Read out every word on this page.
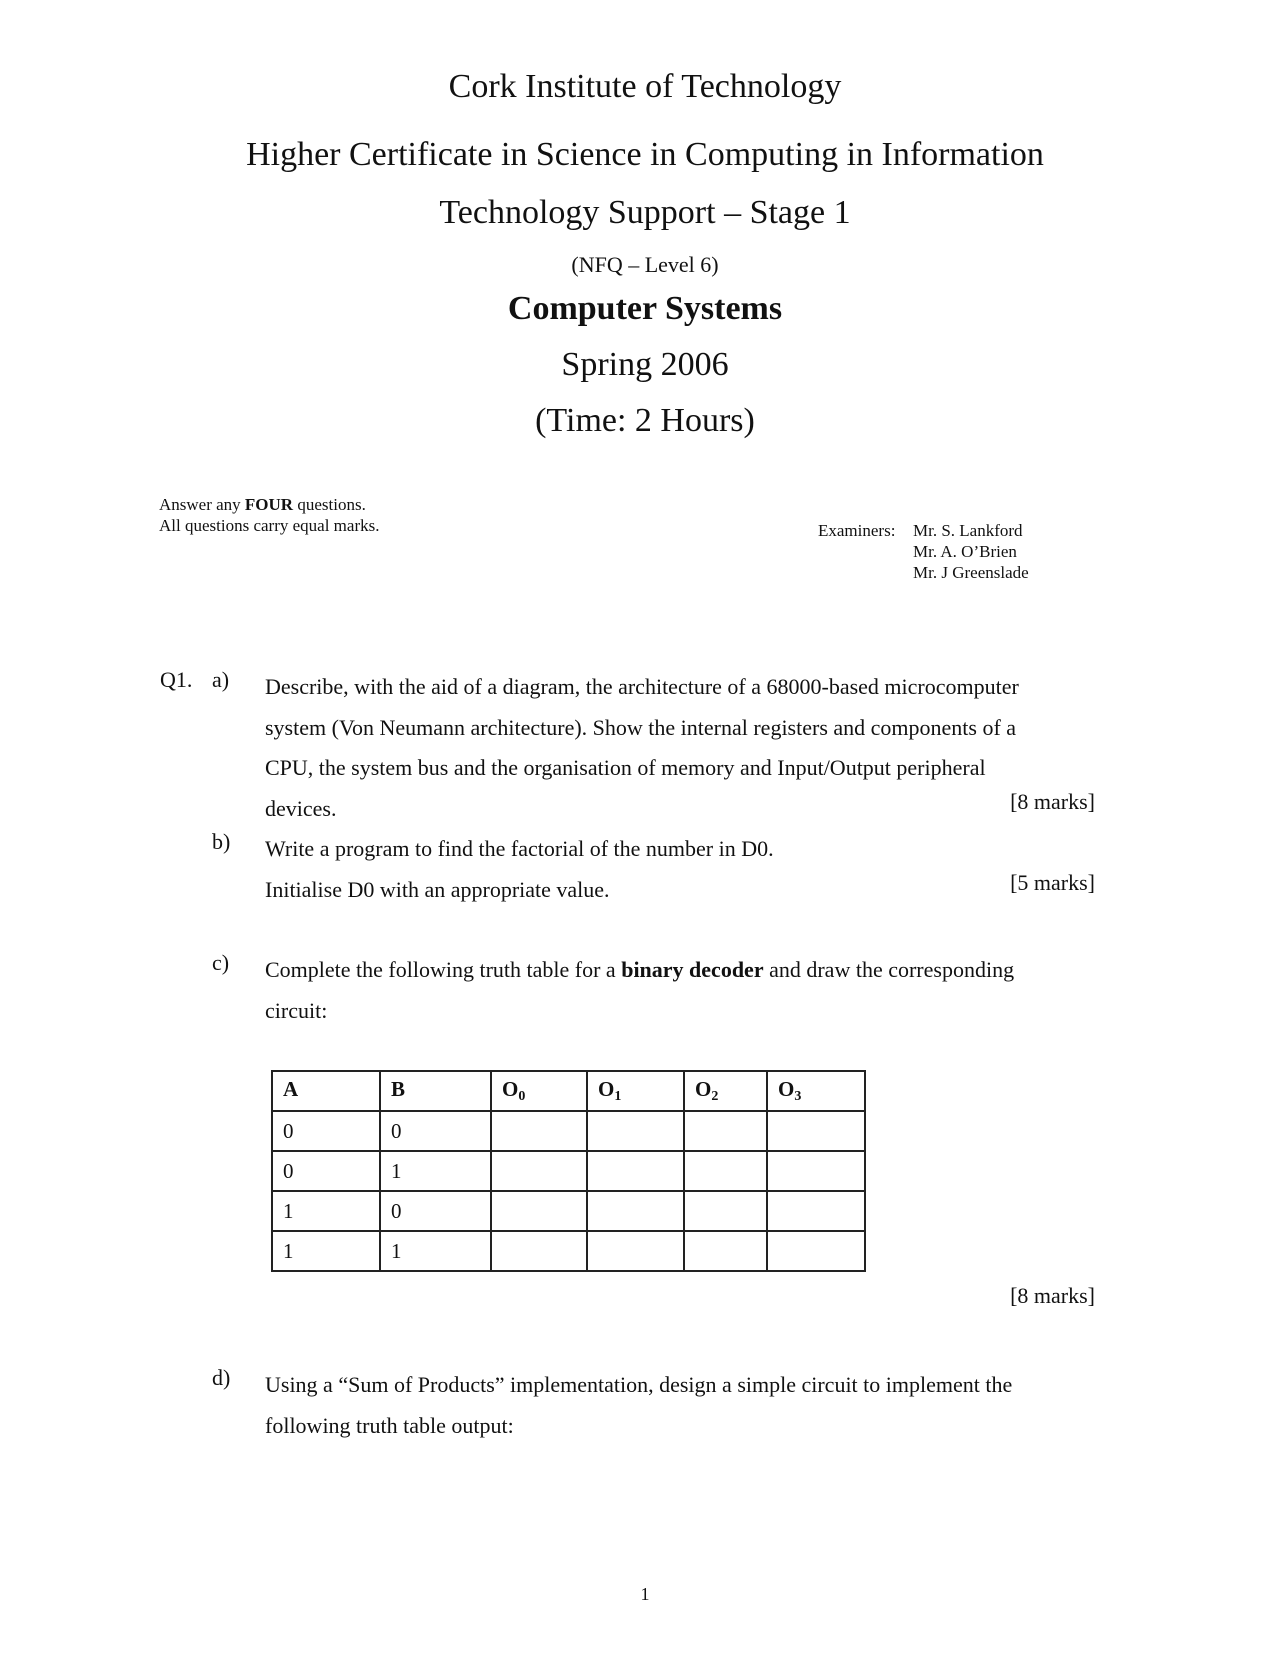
Cork Institute of Technology
Higher Certificate in Science in Computing in Information
Technology Support – Stage 1
(NFQ – Level 6)
Computer Systems
Spring 2006
(Time: 2 Hours)
Answer any FOUR questions.
All questions carry equal marks.	Examiners: Mr. S. Lankford
Mr. A. O’Brien
Mr. J Greenslade
Q1. a) Describe, with the aid of a diagram, the architecture of a 68000-based microcomputer
system (Von Neumann architecture). Show the internal registers and components of a
CPU, the system bus and the organisation of memory and Input/Output peripheral
devices.	[8 marks]
b) Write a program to find the factorial of the number in D0.
Initialise D0 with an appropriate value.	[5 marks]
c) Complete the following truth table for a binary decoder and draw the corresponding
circuit:
A	B	$O_0$	$O_1$	$O_2$	$O_3$
0	0				
0	1				
1	0				
1	1				
[8 marks]
d) Using a “Sum of Products” implementation, design a simple circuit to implement the
following truth table output:
1
